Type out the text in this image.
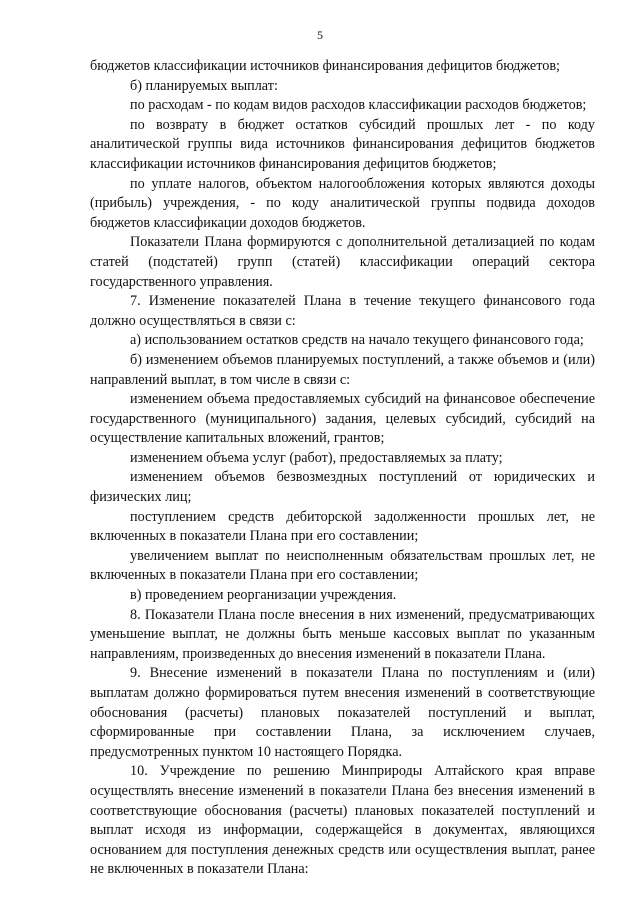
5

бюджетов классификации источников финансирования дефицитов бюджетов;

б) планируемых выплат:

по расходам - по кодам видов расходов классификации расходов бюджетов;

по возврату в бюджет остатков субсидий прошлых лет - по коду аналитической группы вида источников финансирования дефицитов бюджетов классификации источников финансирования дефицитов бюджетов;

по уплате налогов, объектом налогообложения которых являются доходы (прибыль) учреждения, - по коду аналитической группы подвида доходов бюджетов классификации доходов бюджетов.

Показатели Плана формируются с дополнительной детализацией по кодам статей (подстатей) групп (статей) классификации операций сектора государственного управления.

7. Изменение показателей Плана в течение текущего финансового года должно осуществляться в связи с:

а) использованием остатков средств на начало текущего финансового года;

б) изменением объемов планируемых поступлений, а также объемов и (или) направлений выплат, в том числе в связи с:

изменением объема предоставляемых субсидий на финансовое обеспечение государственного (муниципального) задания, целевых субсидий, субсидий на осуществление капитальных вложений, грантов;

изменением объема услуг (работ), предоставляемых за плату;

изменением объемов безвозмездных поступлений от юридических и физических лиц;

поступлением средств дебиторской задолженности прошлых лет, не включенных в показатели Плана при его составлении;

увеличением выплат по неисполненным обязательствам прошлых лет, не включенных в показатели Плана при его составлении;

в) проведением реорганизации учреждения.

8. Показатели Плана после внесения в них изменений, предусматривающих уменьшение выплат, не должны быть меньше кассовых выплат по указанным направлениям, произведенных до внесения изменений в показатели Плана.

9. Внесение изменений в показатели Плана по поступлениям и (или) выплатам должно формироваться путем внесения изменений в соответствующие обоснования (расчеты) плановых показателей поступлений и выплат, сформированные при составлении Плана, за исключением случаев, предусмотренных пунктом 10 настоящего Порядка.

10. Учреждение по решению Минприроды Алтайского края вправе осуществлять внесение изменений в показатели Плана без внесения изменений в соответствующие обоснования (расчеты) плановых показателей поступлений и выплат исходя из информации, содержащейся в документах, являющихся основанием для поступления денежных средств или осуществления выплат, ранее не включенных в показатели Плана:
